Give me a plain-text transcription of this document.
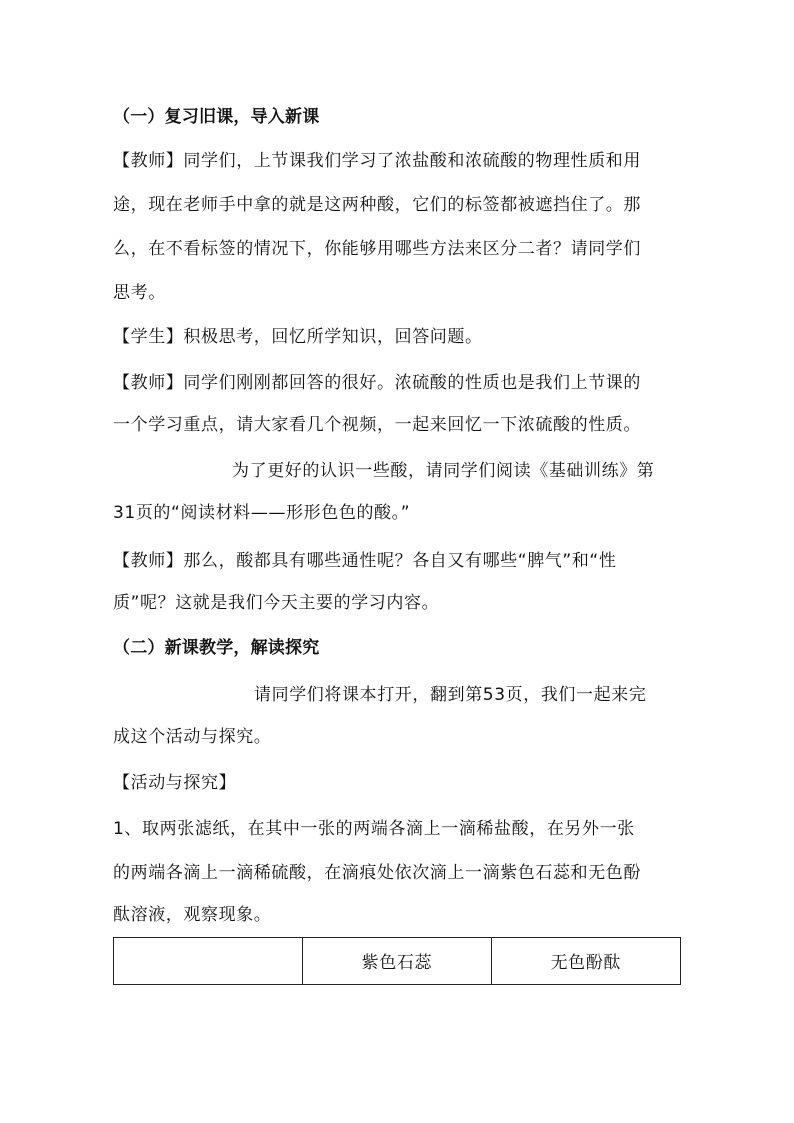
（一）复习旧课，导入新课
【教师】同学们，上节课我们学习了浓盐酸和浓硫酸的物理性质和用
途，现在老师手中拿的就是这两种酸，它们的标签都被遮挡住了。那
么，在不看标签的情况下，你能够用哪些方法来区分二者？请同学们
思考。
【学生】积极思考，回忆所学知识，回答问题。
【教师】同学们刚刚都回答的很好。浓硫酸的性质也是我们上节课的
一个学习重点，请大家看几个视频，一起来回忆一下浓硫酸的性质。
为了更好的认识一些酸，请同学们阅读《基础训练》第
31页的“阅读材料——形形色色的酸。”
【教师】那么，酸都具有哪些通性呢？各自又有哪些“脾气”和“性
质”呢？这就是我们今天主要的学习内容。
（二）新课教学，解读探究
请同学们将课本打开，翻到第53页，我们一起来完
成这个活动与探究。
【活动与探究】
1、取两张滤纸，在其中一张的两端各滴上一滴稀盐酸，在另外一张
的两端各滴上一滴稀硫酸，在滴痕处依次滴上一滴紫色石蕊和无色酚
酞溶液，观察现象。
	紫色石蕊	无色酚酞
